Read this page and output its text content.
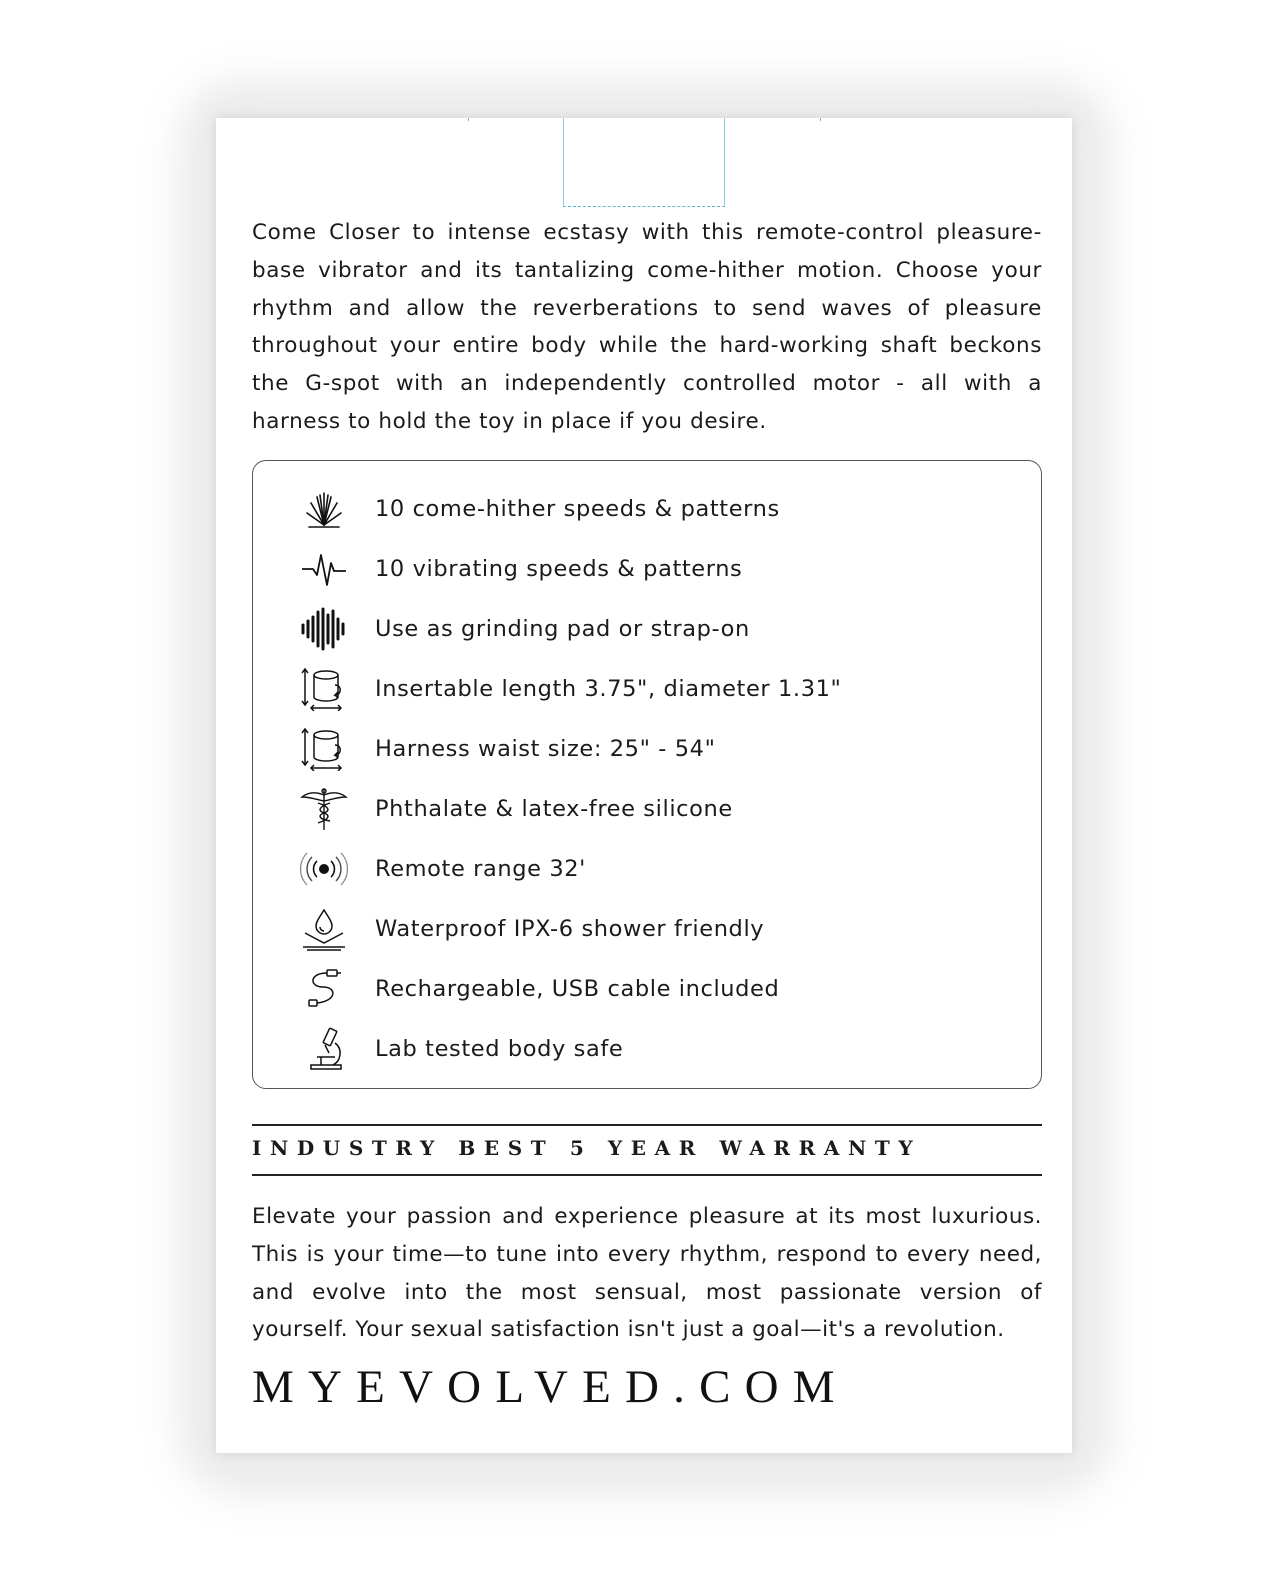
Come Closer to intense ecstasy with this remote-control pleasure-base vibrator and its tantalizing come-hither motion. Choose your rhythm and allow the reverberations to send waves of pleasure throughout your entire body while the hard-working shaft beckons the G-spot with an independently controlled motor - all with a harness to hold the toy in place if you desire.

10 come-hither speeds & patterns
10 vibrating speeds & patterns
Use as grinding pad or strap-on
Insertable length 3.75", diameter 1.31"
Harness waist size: 25" - 54"
Phthalate & latex-free silicone
Remote range 32'
Waterproof IPX-6 shower friendly
Rechargeable, USB cable included
Lab tested body safe
INDUSTRY BEST 5 YEAR WARRANTY

Elevate your passion and experience pleasure at its most luxurious. This is your time—to tune into every rhythm, respond to every need, and evolve into the most sensual, most passionate version of yourself. Your sexual satisfaction isn't just a goal—it's a revolution.

MYEVOLVED.COM
